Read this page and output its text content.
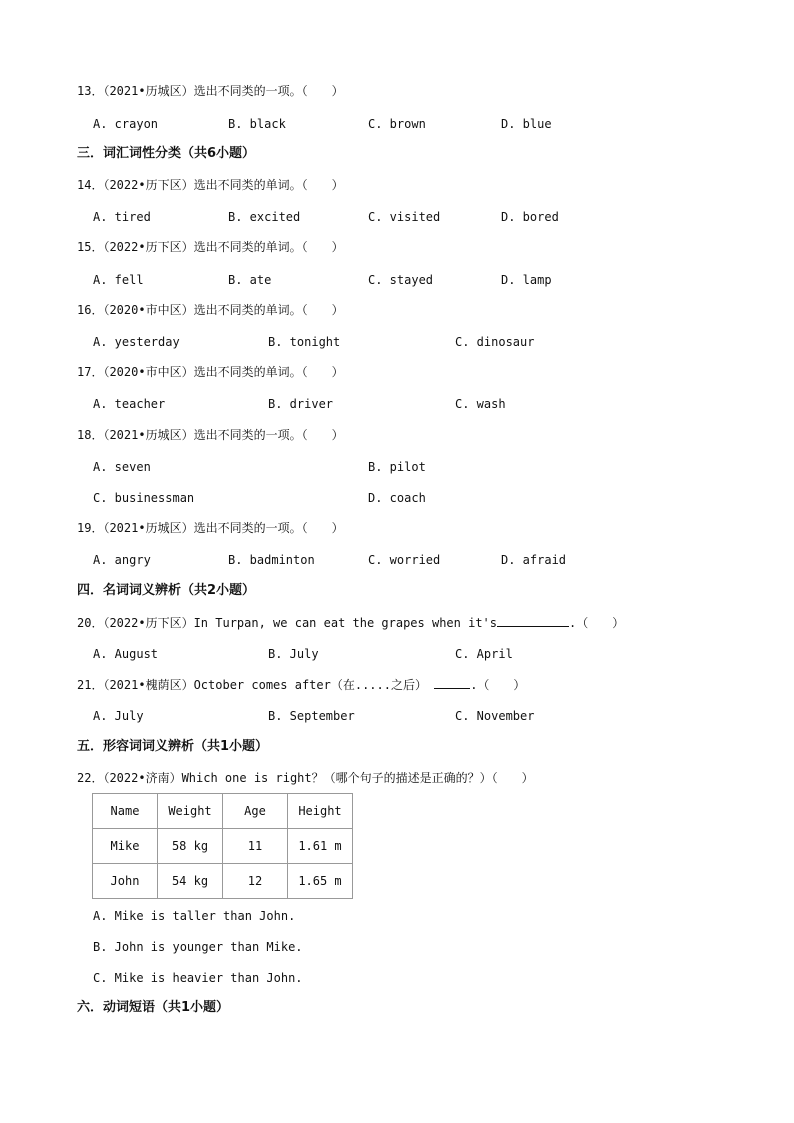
13．（2021•历城区）选出不同类的一项。（　　）
A. crayon	B. black	C. brown	D. blue
三．词汇词性分类（共6小题）
14．（2022•历下区）选出不同类的单词。（　　）
A. tired	B. excited	C. visited	D. bored
15．（2022•历下区）选出不同类的单词。（　　）
A. fell	B. ate	C. stayed	D. lamp
16．（2020•市中区）选出不同类的单词。（　　）
A. yesterday	B. tonight	C. dinosaur
17．（2020•市中区）选出不同类的单词。（　　）
A. teacher	B. driver	C. wash
18．（2021•历城区）选出不同类的一项。（　　）
A. seven	B. pilot
C. businessman	D. coach
19．（2021•历城区）选出不同类的一项。（　　）
A. angry	B. badminton	C. worried	D. afraid
四．名词词义辨析（共2小题）
20．（2022•历下区）In Turpan, we can eat the grapes when it's	.（　　）
A. August	B. July	C. April
21．（2021•槐荫区）October comes after（在.....之后）	.（　　）
A. July	B. September	C. November
五．形容词词义辨析（共1小题）
22．（2022•济南）Which one is right？（哪个句子的描述是正确的？）（　　）
Name	Weight	Age	Height
Mike	58 kg	11	1.61 m
John	54 kg	12	1.65 m
A. Mike is taller than John.
B. John is younger than Mike.
C. Mike is heavier than John.
六．动词短语（共1小题）
